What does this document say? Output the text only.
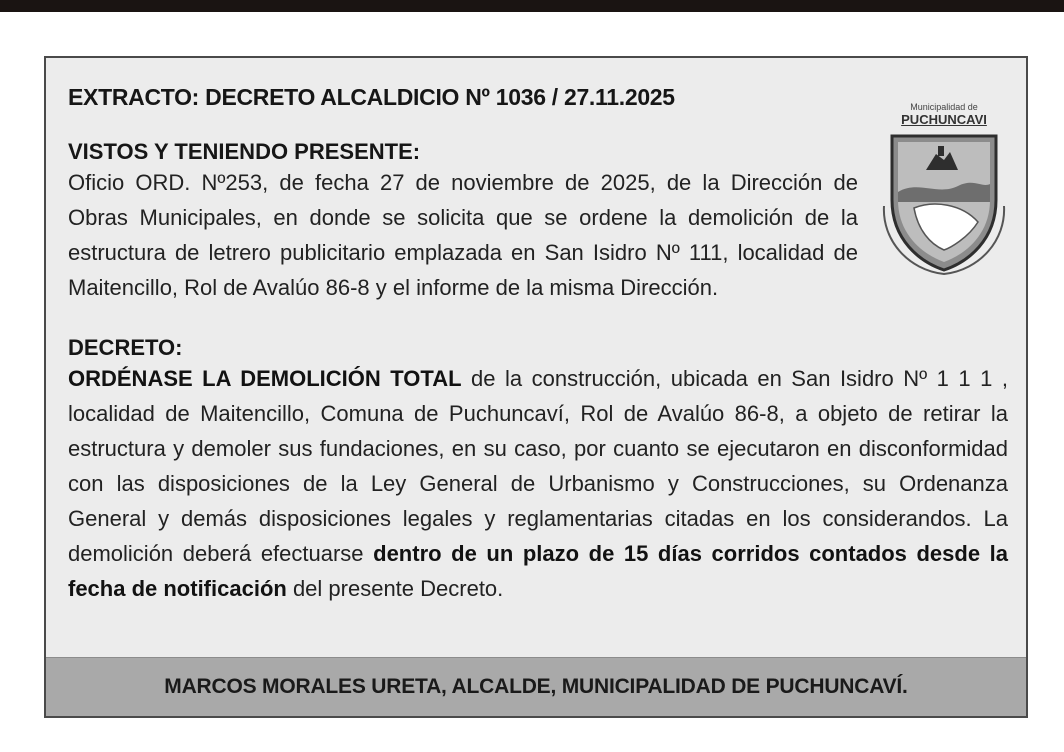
EXTRACTO: DECRETO ALCALDICIO Nº 1036 / 27.11.2025

VISTOS Y TENIENDO PRESENTE:

Oficio ORD. Nº253, de fecha 27 de noviembre de 2025, de la Dirección de Obras Municipales, en donde se solicita que se ordene la demolición de la estructura de letrero publicitario emplazada en San Isidro Nº 111, localidad de Maitencillo, Rol de Avalúo 86-8 y el informe de la misma Dirección.

DECRETO:

ORDÉNASE LA DEMOLICIÓN TOTAL de la construcción, ubicada en San Isidro Nº 1 1 1 , localidad de Maitencillo, Comuna de Puchuncaví, Rol de Avalúo 86-8, a objeto de retirar la estructura y demoler sus fundaciones, en su caso, por cuanto se ejecutaron en disconformidad con las disposiciones de la Ley General de Urbanismo y Construcciones, su Ordenanza General y demás disposiciones legales y reglamentarias citadas en los considerandos. La demolición deberá efectuarse dentro de un plazo de 15 días corridos contados desde la fecha de notificación del presente Decreto.

Municipalidad de
PUCHUNCAVI
MARCOS MORALES URETA, ALCALDE, MUNICIPALIDAD DE PUCHUNCAVÍ.
